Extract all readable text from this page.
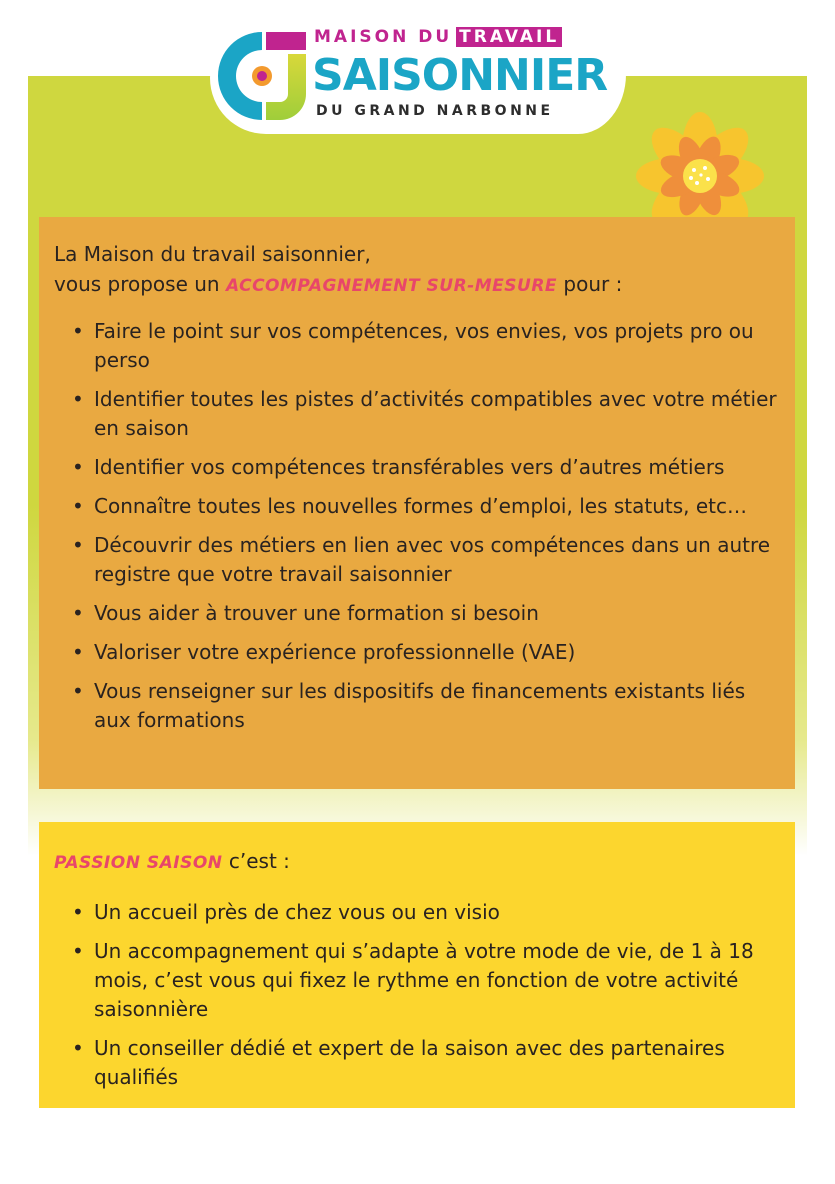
MAISON DU TRAVAIL
SAISONNIER
DU GRAND NARBONNE

La Maison du travail saisonnier,
vous propose un ACCOMPAGNEMENT SUR-MESURE pour :

• Faire le point sur vos compétences, vos envies, vos projets pro ou perso
• Identifier toutes les pistes d’activités compatibles avec votre métier en saison
• Identifier vos compétences transférables vers d’autres métiers
• Connaître toutes les nouvelles formes d’emploi, les statuts, etc…
• Découvrir des métiers en lien avec vos compétences dans un autre registre que votre travail saisonnier
• Vous aider à trouver une formation si besoin
• Valoriser votre expérience professionnelle (VAE)
• Vous renseigner sur les dispositifs de financements existants liés aux formations

PASSION SAISON c’est :

• Un accueil près de chez vous ou en visio
• Un accompagnement qui s’adapte à votre mode de vie, de 1 à 18 mois, c’est vous qui fixez le rythme en fonction de votre activité saisonnière
• Un conseiller dédié et expert de la saison avec des partenaires qualifiés
